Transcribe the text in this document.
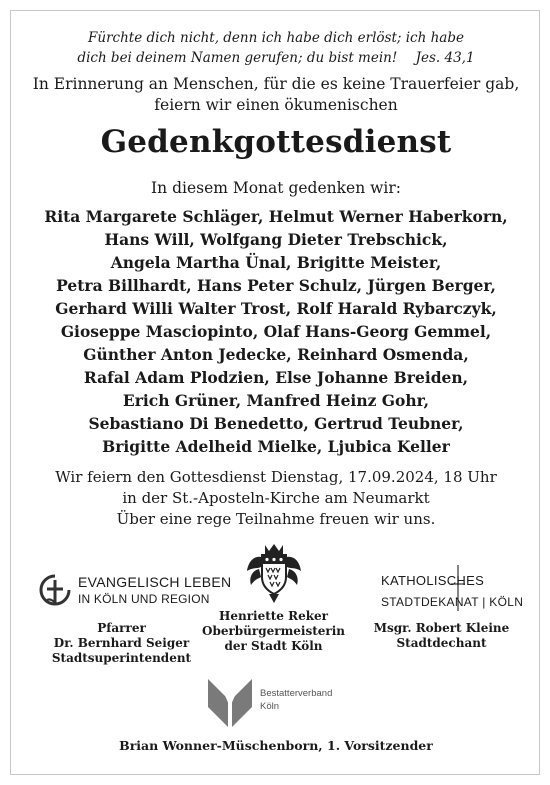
Fürchte dich nicht, denn ich habe dich erlöst; ich habe
dich bei deinem Namen gerufen; du bist mein! Jes. 43,1
In Erinnerung an Menschen, für die es keine Trauerfeier gab,
feiern wir einen ökumenischen
Gedenkgottesdienst
In diesem Monat gedenken wir:
Rita Margarete Schläger, Helmut Werner Haberkorn,
Hans Will, Wolfgang Dieter Trebschick,
Angela Martha Ünal, Brigitte Meister,
Petra Billhardt, Hans Peter Schulz, Jürgen Berger,
Gerhard Willi Walter Trost, Rolf Harald Rybarczyk,
Gioseppe Masciopinto, Olaf Hans-Georg Gemmel,
Günther Anton Jedecke, Reinhard Osmenda,
Rafal Adam Plodzien, Else Johanne Breiden,
Erich Grüner, Manfred Heinz Gohr,
Sebastiano Di Benedetto, Gertrud Teubner,
Brigitte Adelheid Mielke, Ljubica Keller
Wir feiern den Gottesdienst Dienstag, 17.09.2024, 18 Uhr
in der St.-Aposteln-Kirche am Neumarkt
Über eine rege Teilnahme freuen wir uns.
EVANGELISCH LEBEN
IN KÖLN UND REGION
Pfarrer
Dr. Bernhard Seiger
Stadtsuperintendent
Henriette Reker
Oberbürgermeisterin
der Stadt Köln
KATHOLISCHES
STADTDEKANAT | KÖLN
Msgr. Robert Kleine
Stadtdechant
Bestatterverband
Köln
Brian Wonner-Müschenborn, 1. Vorsitzender
